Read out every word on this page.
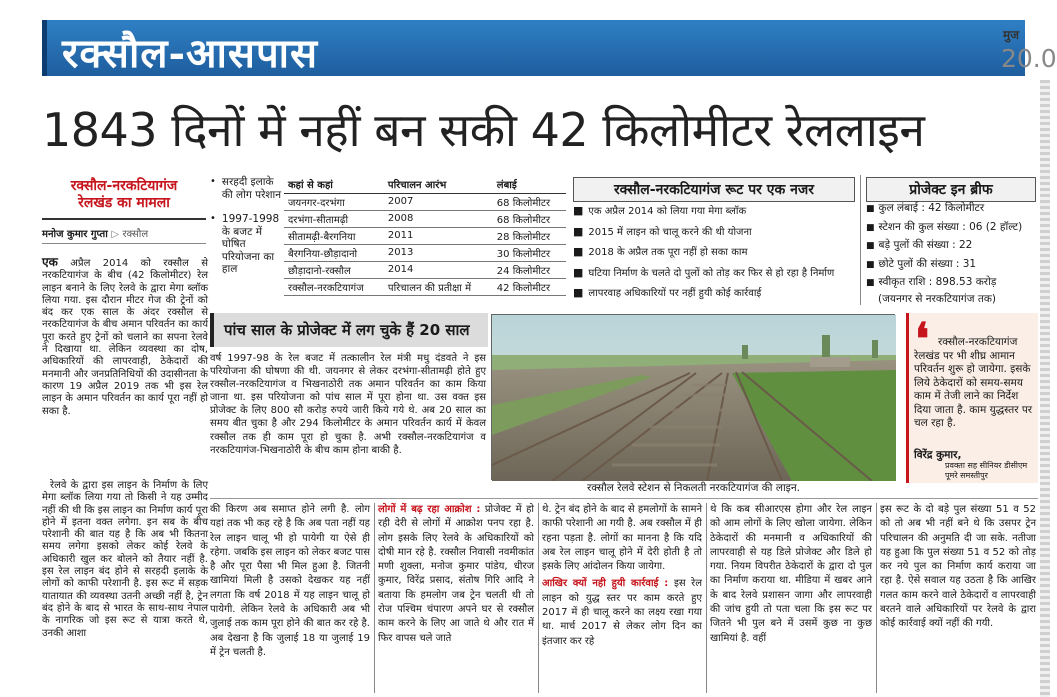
रक्सौल-आसपास	मुज
20.0
1843 दिनों में नहीं बन सकी 42 किलोमीटर रेललाइन
रक्सौल-नरकटियागंज
रेलखंड का मामला
मनोज कुमार गुप्ता ▷ रक्सौल
एक अप्रैल 2014 को रक्सौल से नरकटियागंज के बीच (42 किलोमीटर) रेल लाइन बनाने के लिए रेलवे के द्वारा मेगा ब्लॉक लिया गया. इस दौरान मीटर गेज की ट्रेनों को बंद कर एक साल के अंदर रक्सौल से नरकटियागंज के बीच अमान परिवर्तन का कार्य पूरा करते हुए ट्रेनों को चलाने का सपना रेलवे ने दिखाया था. लेकिन व्यवस्था का दोष, अधिकारियों की लापरवाही, ठेकेदारों की मनमानी और जनप्रतिनिधियों की उदासीनता के कारण 19 अप्रैल 2019 तक भी इस रेल लाइन के अमान परिवर्तन का कार्य पूरा नहीं हो सका है.
रेलवे के द्वारा इस लाइन के निर्माण के लिए मेगा ब्लॉक लिया गया तो किसी ने यह उम्मीद नहीं की थी कि इस लाइन का निर्माण कार्य पूरा होने में इतना वक्त लगेगा. इन सब के बीच परेशानी की बात यह है कि अब भी कितना समय लगेगा इसको लेकर कोई रेलवे के अधिकारी खुल कर बोलने को तैयार नहीं है. इस रेल लाइन बंद होने से सरहदी इलाके के लोगों को काफी परेशानी है. इस रूट में सड़क यातायात की व्यवस्था उतनी अच्छी नहीं है, ट्रेन बंद होने के बाद से भारत के साथ-साथ नेपाल के नागरिक जो इस रूट से यात्रा करते थे, उनकी आशा
• सरहदी इलाके की लोग परेशान
• 1997-1998 के बजट में घोषित परियोजना का हाल
कहां से कहां	परिचालन आरंभ	लंबाई
जयनगर-दरभंगा	2007	68 किलोमीटर
दरभंगा-सीतामढ़ी	2008	68 किलोमीटर
सीतामढ़ी-बैरगनिया	2011	28 किलोमीटर
बैरगनिया-छौड़ादानो	2013	30 किलोमीटर
छौड़ादानो-रक्सौल	2014	24 किलोमीटर
रक्सौल-नरकटियागंज	परिचालन की प्रतीक्षा में	42 किलोमीटर
रक्सौल-नरकटियागंज रूट पर एक नजर
■ एक अप्रैल 2014 को लिया गया मेगा ब्लॉक
■ 2015 में लाइन को चालू करने की थी योजना
■ 2018 के अप्रैल तक पूरा नहीं हो सका काम
■ घटिया निर्माण के चलते दो पुलों को तोड़ कर फिर से हो रहा है निर्माण
■ लापरवाह अधिकारियों पर नहीं हुयी कोई कार्रवाई
प्रोजेक्ट इन ब्रीफ
■ कुल लंबाई : 42 किलोमीटर
■ स्टेशन की कुल संख्या : 06 (2 हॉल्ट)
■ बड़े पुलों की संख्या : 22
■ छोटे पुलों की संख्या : 31
■ स्वीकृत राशि : 898.53 करोड़
(जयनगर से नरकटियागंज तक)
पांच साल के प्रोजेक्ट में लग चुके हैं 20 साल
वर्ष 1997-98 के रेल बजट में तत्कालीन रेल मंत्री मधु दंडवते ने इस परियोजना की घोषणा की थी. जयनगर से लेकर दरभंगा-सीतामढ़ी होते हुए रक्सौल-नरकटियागंज व भिखनाठोरी तक अमान परिवर्तन का काम किया जाना था. इस परियोजना को पांच साल में पूरा होना था. उस वक्त इस प्रोजेक्ट के लिए 800 सौ करोड़ रुपये जारी किये गये थे. अब 20 साल का समय बीत चुका है और 294 किलोमीटर के अमान परिवर्तन कार्य में केवल रक्सौल तक ही काम पूरा हो चुका है. अभी रक्सौल-नरकटियागंज व नरकटियागंज-भिखनाठोरी के बीच काम होना बाकी है.
रक्सौल रेलवे स्टेशन से निकलती नरकटियागंज की लाइन.
❛ रक्सौल-नरकटियागंज रेलखंड पर भी शीघ्र आमान परिवर्तन शुरू हो जायेगा. इसके लिये ठेकेदारों को समय-समय काम में तेजी लाने का निर्देश दिया जाता है. काम युद्धस्तर पर चल रहा है.
विरेंद्र कुमार,
प्रवक्ता सह सीनियर डीसीएम पूमरे समस्तीपुर
की किरण अब समाप्त होने लगी है. लोग यहां तक भी कह रहे है कि अब पता नहीं यह रेल लाइन चालू भी हो पायेगी या ऐसे ही रहेगा. जबकि इस लाइन को लेकर बजट पास है और पूरा पैसा भी मिल हुआ है. जितनी खामियां मिली है उसको देखकर यह नहीं लगता कि वर्ष 2018 में यह लाइन चालू हो पायेगी. लेकिन रेलवे के अधिकारी अब भी जुलाई तक काम पूरा होने की बात कर रहे है. अब देखना है कि जुलाई 18 या जुलाई 19 में ट्रेन चलती है.
लोगों में बढ़ रहा आक्रोश : प्रोजेक्ट में हो रही देरी से लोगों में आक्रोश पनप रहा है. लोग इसके लिए रेलवे के अधिकारियों को दोषी मान रहे है. रक्सौल निवासी नवमीकांत मणी शुक्ला, मनोज कुमार पांडेय, धीरज कुमार, विरेंद्र प्रसाद, संतोष गिरि आदि ने बताया कि हमलोग जब ट्रेन चलती थी तो रोज पश्चिम चंपारण अपने घर से रक्सौल काम करने के लिए आ जाते थे और रात में फिर वापस चले जाते
थे. ट्रेन बंद होने के बाद से हमलोगों के सामने काफी परेशानी आ गयी है. अब रक्सौल में ही रहना पड़ता है. लोगों का मानना है कि यदि अब रेल लाइन चालू होने में देरी होती है तो इसके लिए आंदोलन किया जायेगा.
आखिर क्यों नही हुयी कार्रवाई : इस रेल लाइन को युद्ध स्तर पर काम करते हुए 2017 में ही चालू करने का लक्ष्य रखा गया था. मार्च 2017 से लेकर लोग दिन का इंतजार कर रहे
थे कि कब सीआरएस होगा और रेल लाइन को आम लोगों के लिए खोला जायेगा. लेकिन ठेकेदारों की मनमानी व अधिकारियों की लापरवाही से यह डिले प्रोजेक्ट और डिले हो गया. नियम विपरीत ठेकेदारों के द्वारा दो पुल का निर्माण कराया था. मीडिया में खबर आने के बाद रेलवे प्रशासन जागा और लापरवाही की जांच हुयी तो पता चला कि इस रूट पर जितने भी पुल बने में उसमें कुछ ना कुछ खामियां है. वहीं
इस रूट के दो बड़े पुल संख्या 51 व 52 को तो अब भी नहीं बने थे कि उसपर ट्रेन परिचालन की अनुमति दी जा सके. नतीजा यह हुआ कि पुल संख्या 51 व 52 को तोड़ कर नये पुल का निर्माण कार्य कराया जा रहा है. ऐसे सवाल यह उठता है कि आखिर गलत काम करने वाले ठेकेदारों व लापरवाही बरतने वाले अधिकारियों पर रेलवे के द्वारा कोई कार्रवाई क्यों नहीं की गयी.
